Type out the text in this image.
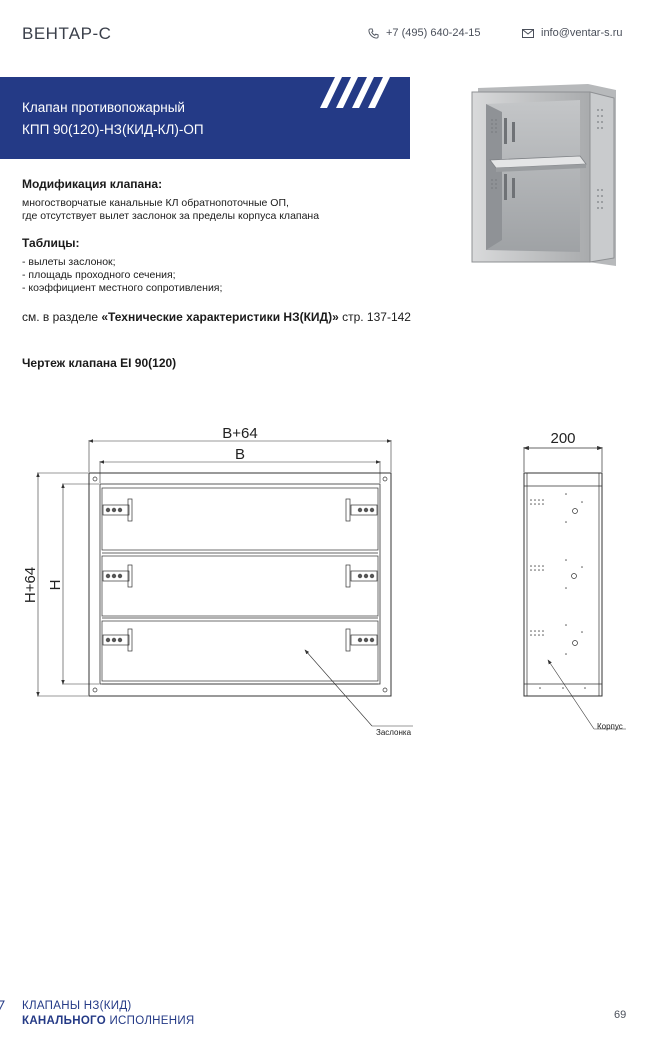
ВЕНТАР-С	+7 (495) 640-24-15	info@ventar-s.ru
Клапан противопожарный
КПП 90(120)-НЗ(КИД-КЛ)-ОП
Модификация клапана:
многостворчатые канальные КЛ обратнопоточные ОП,
где отсутствует вылет заслонок за пределы корпуса клапана
Таблицы:
- вылеты заслонок;
- площадь проходного сечения;
- коэффициент местного сопротивления;
см. в разделе «Технические характеристики НЗ(КИД)» стр. 137-142
Чертеж клапана EI 90(120)
B+64
B
H+64 H
Заслонка
200
Корпус
КЛАПАНЫ НЗ(КИД)
КАНАЛЬНОГО ИСПОЛНЕНИЯ	69
